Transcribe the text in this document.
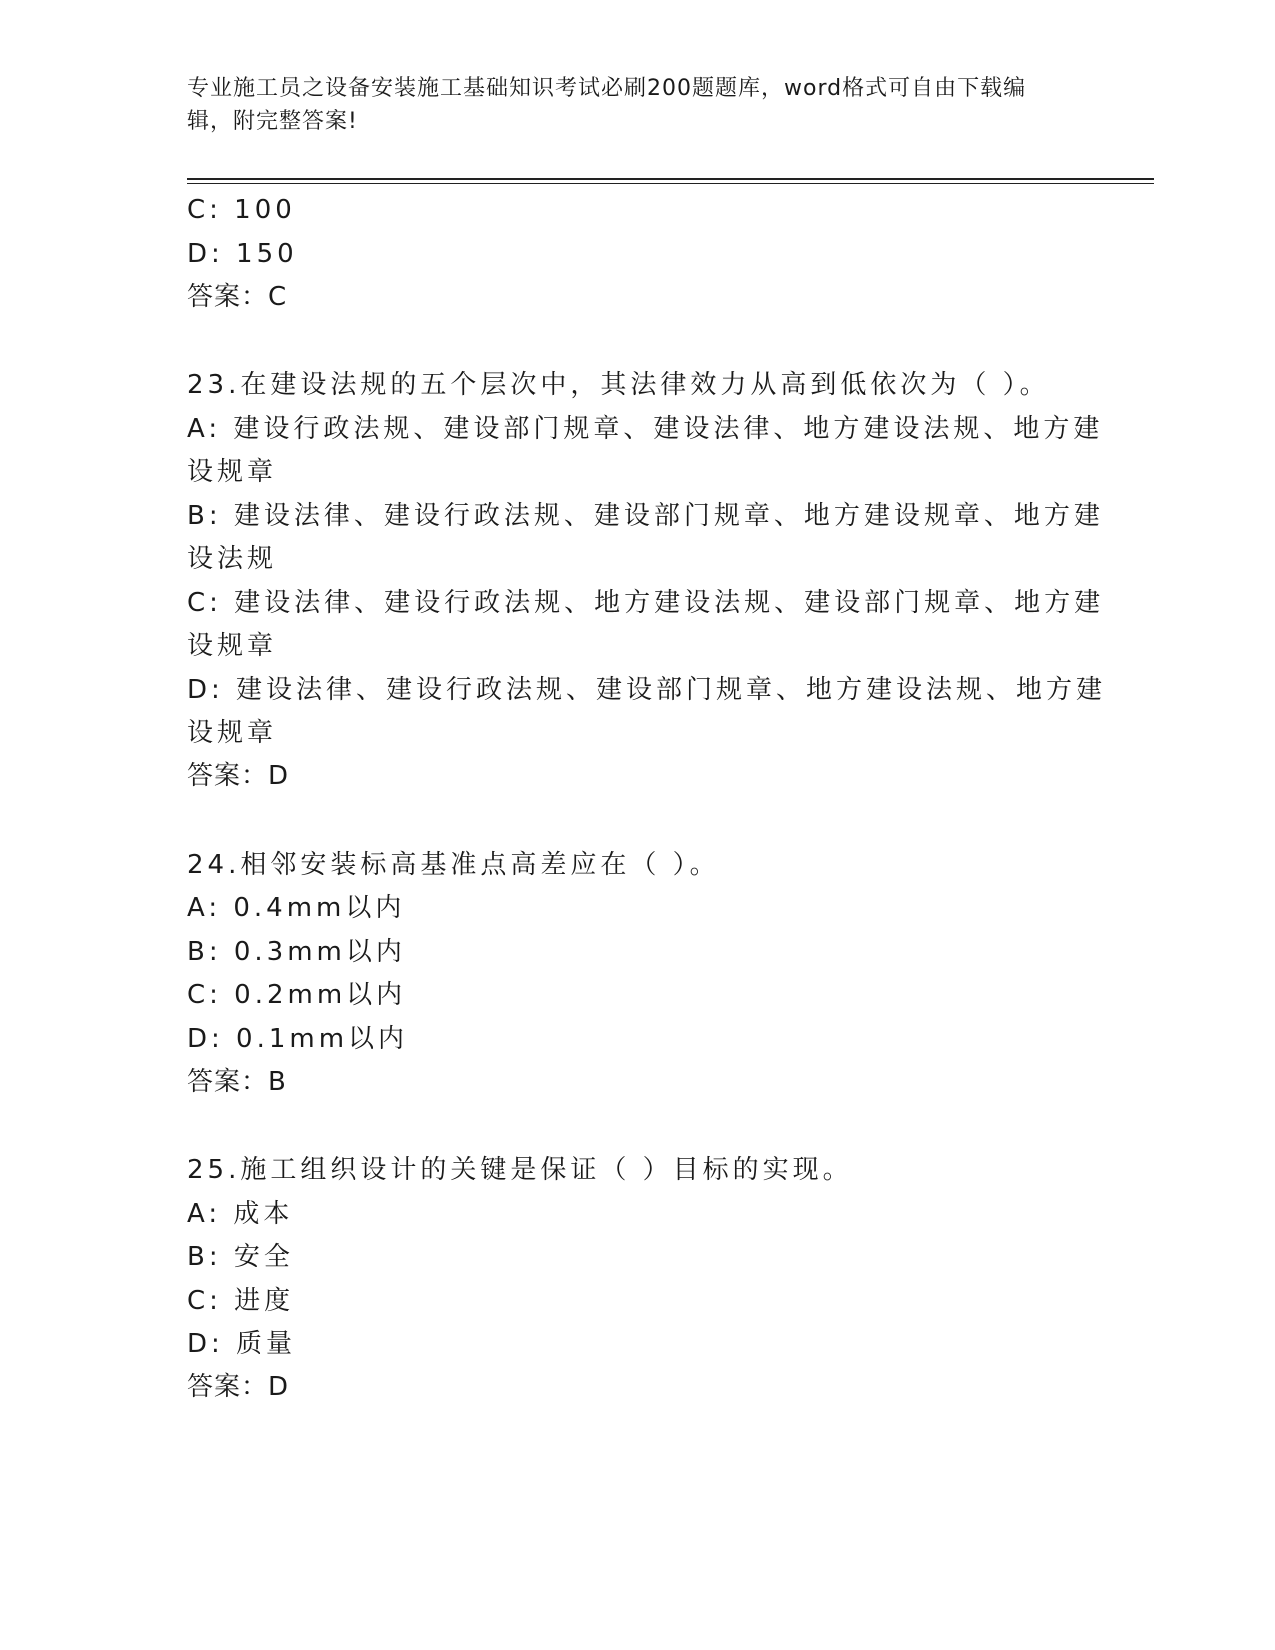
专业施工员之设备安装施工基础知识考试必刷200题题库，word格式可自由下载编辑，附完整答案!
C: 100
D: 150
答案：C
23.在建设法规的五个层次中，其法律效力从高到低依次为（ ）。
A: 建设行政法规、建设部门规章、建设法律、地方建设法规、地方建
设规章
B: 建设法律、建设行政法规、建设部门规章、地方建设规章、地方建
设法规
C: 建设法律、建设行政法规、地方建设法规、建设部门规章、地方建
设规章
D: 建设法律、建设行政法规、建设部门规章、地方建设法规、地方建
设规章
答案：D
24.相邻安装标高基准点高差应在（ ）。
A: 0.4mm以内
B: 0.3mm以内
C: 0.2mm以内
D: 0.1mm以内
答案：B
25.施工组织设计的关键是保证（ ）目标的实现。
A: 成本
B: 安全
C: 进度
D: 质量
答案：D
